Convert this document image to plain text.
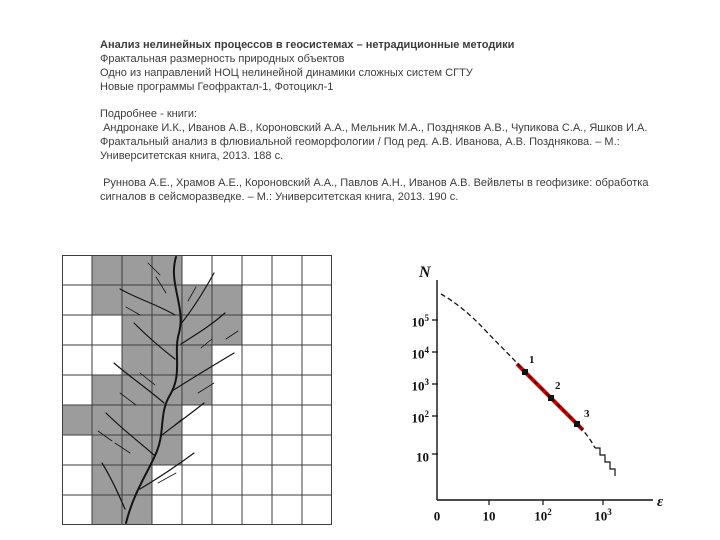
Анализ нелинейных процессов в геосистемах – нетрадиционные методики

Фрактальная размерность природных объектов

Одно из направлений НОЦ нелинейной динамики сложных систем СГТУ

Новые программы Геофрактал-1, Фотоцикл-1

Подробнее - книги:

Андронаке И.К., Иванов А.В., Короновский А.А., Мельник М.А., Поздняков А.В., Чупикова С.А., Яшков И.А. Фрактальный анализ в флювиальной геоморфологии / Под ред. А.В. Иванова, А.В. Позднякова. – М.: Университетская книга, 2013. 188 с.

Руннова А.Е., Храмов А.Е., Короновский А.А., Павлов А.Н., Иванов А.В. Вейвлеты в геофизике: обработка сигналов в сейсморазведке. – М.: Университетская книга, 2013. 190 с.

N
ε
$10^5$
$10^4$
$10^3$
$10^2$
10
0	10	$10^2$	$10^3$
1
2
3
